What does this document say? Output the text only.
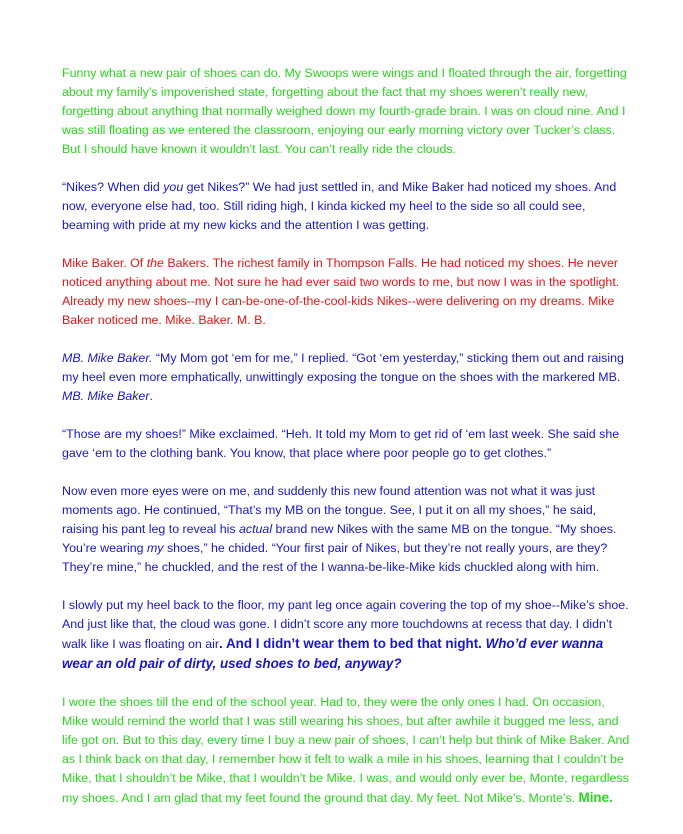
Funny what a new pair of shoes can do. My Swoops were wings and I floated through the air, forgetting about my family’s impoverished state, forgetting about the fact that my shoes weren’t really new, forgetting about anything that normally weighed down my fourth-grade brain. I was on cloud nine. And I was still floating as we entered the classroom, enjoying our early morning victory over Tucker’s class. But I should have known it wouldn’t last. You can’t really ride the clouds.

“Nikes? When did you get Nikes?” We had just settled in, and Mike Baker had noticed my shoes. And now, everyone else had, too. Still riding high, I kinda kicked my heel to the side so all could see, beaming with pride at my new kicks and the attention I was getting.

Mike Baker. Of the Bakers. The richest family in Thompson Falls. He had noticed my shoes. He never noticed anything about me. Not sure he had ever said two words to me, but now I was in the spotlight. Already my new shoes--my I can-be-one-of-the-cool-kids Nikes--were delivering on my dreams. Mike Baker noticed me. Mike. Baker. M. B.

MB. Mike Baker. “My Mom got ‘em for me,” I replied. “Got ‘em yesterday,” sticking them out and raising my heel even more emphatically, unwittingly exposing the tongue on the shoes with the markered MB. MB. Mike Baker.

“Those are my shoes!” Mike exclaimed. “Heh. It told my Mom to get rid of ‘em last week. She said she gave ‘em to the clothing bank. You know, that place where poor people go to get clothes.”

Now even more eyes were on me, and suddenly this new found attention was not what it was just moments ago. He continued, “That’s my MB on the tongue. See, I put it on all my shoes,” he said, raising his pant leg to reveal his actual brand new Nikes with the same MB on the tongue. “My shoes. You’re wearing my shoes,” he chided. “Your first pair of Nikes, but they’re not really yours, are they? They’re mine,” he chuckled, and the rest of the I wanna-be-like-Mike kids chuckled along with him.

I slowly put my heel back to the floor, my pant leg once again covering the top of my shoe--Mike’s shoe. And just like that, the cloud was gone. I didn’t score any more touchdowns at recess that day. I didn’t walk like I was floating on air. And I didn’t wear them to bed that night. Who’d ever wanna wear an old pair of dirty, used shoes to bed, anyway?

I wore the shoes till the end of the school year. Had to, they were the only ones I had. On occasion, Mike would remind the world that I was still wearing his shoes, but after awhile it bugged me less, and life got on. But to this day, every time I buy a new pair of shoes, I can’t help but think of Mike Baker. And as I think back on that day, I remember how it felt to walk a mile in his shoes, learning that I couldn’t be Mike, that I shouldn’t be Mike, that I wouldn’t be Mike. I was, and would only ever be, Monte, regardless my shoes. And I am glad that my feet found the ground that day. My feet. Not Mike’s. Monte’s. Mine.
